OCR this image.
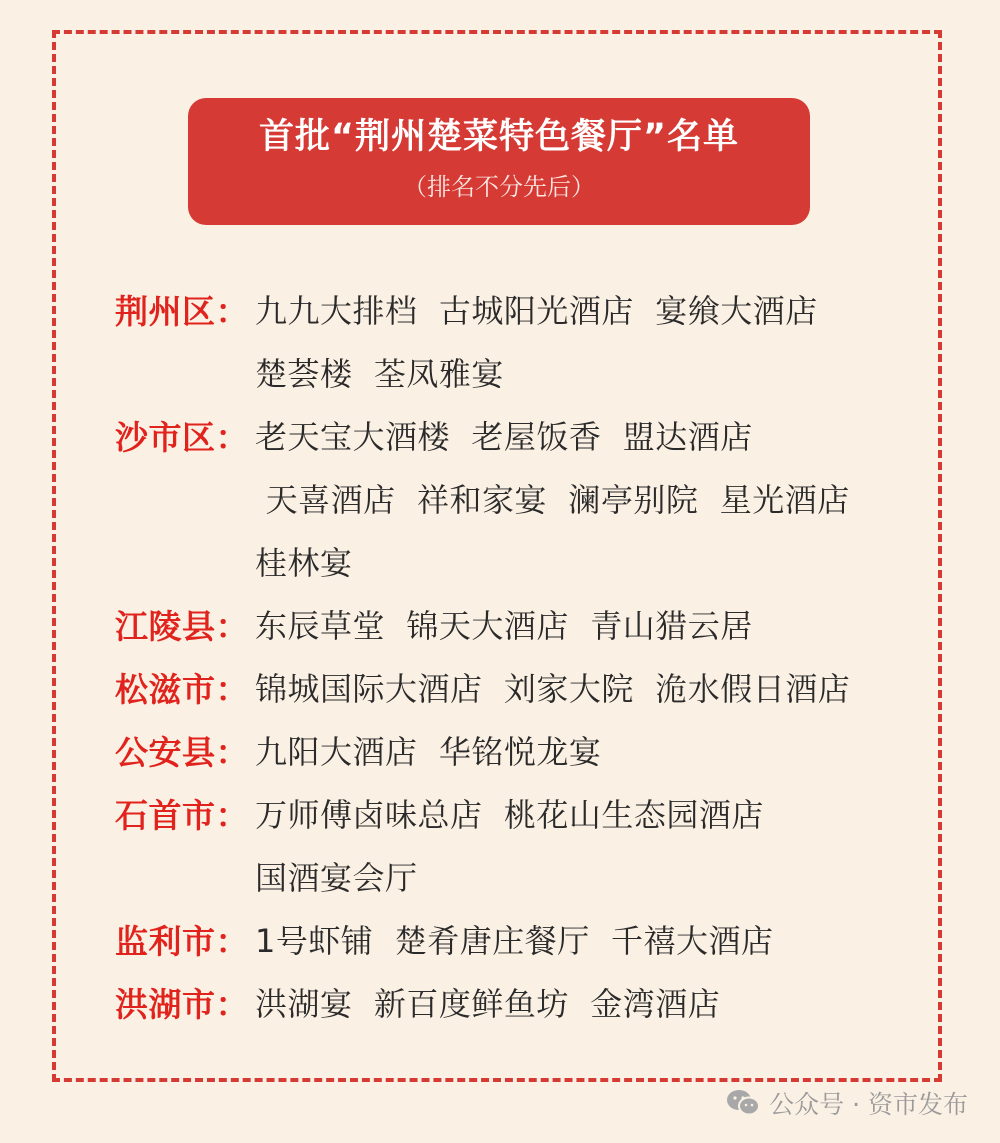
首批“荆州楚菜特色餐厅”名单
（排名不分先后）
荆州区： 九九大排档  古城阳光酒店  宴飨大酒店
楚荟楼  荃凤雅宴
沙市区： 老天宝大酒楼  老屋饭香  盟达酒店
天喜酒店  祥和家宴  澜亭别院  星光酒店
桂林宴
江陵县： 东辰草堂  锦天大酒店  青山猎云居
松滋市： 锦城国际大酒店  刘家大院  洈水假日酒店
公安县： 九阳大酒店  华铭悦龙宴
石首市： 万师傅卤味总店  桃花山生态园酒店
国酒宴会厅
监利市： 1号虾铺  楚肴唐庄餐厅  千禧大酒店
洪湖市： 洪湖宴  新百度鲜鱼坊  金湾酒店
公众号 · 资市发布
